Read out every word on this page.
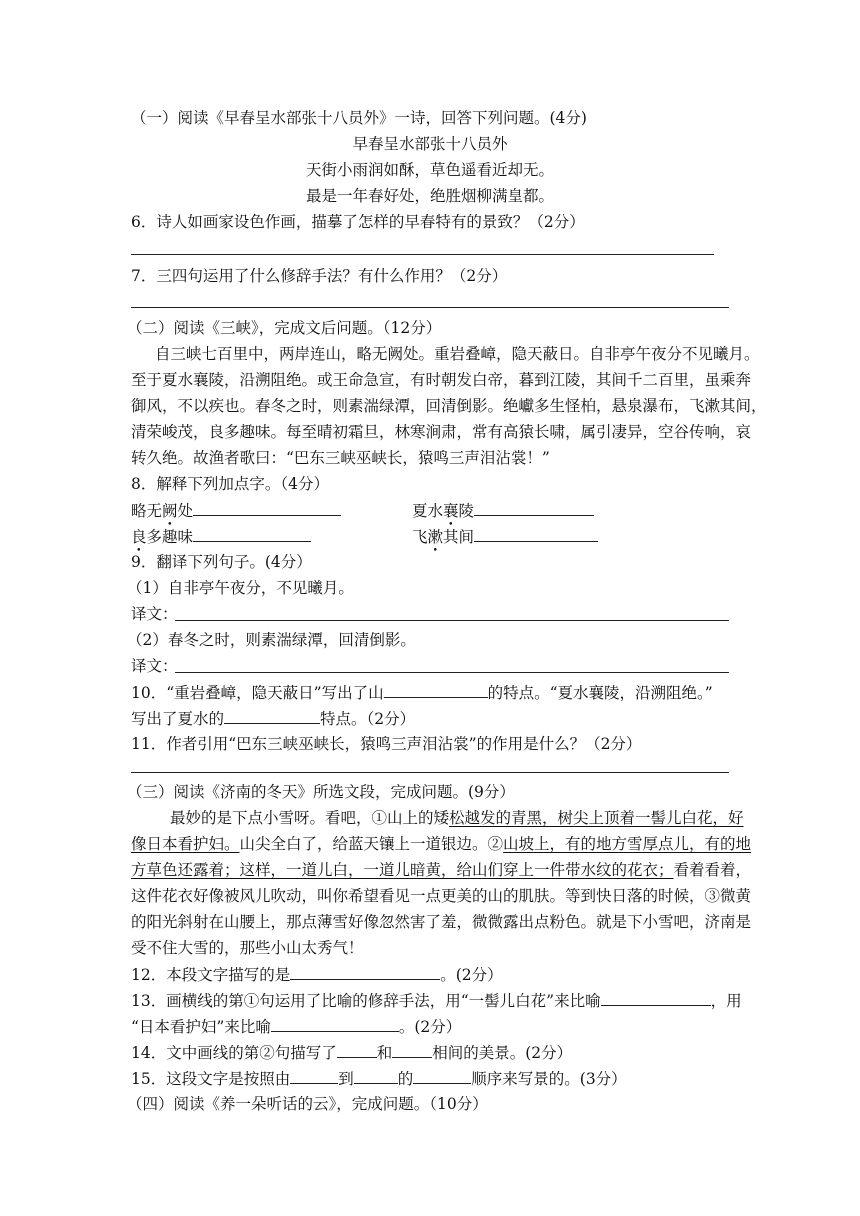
（一）阅读《早春呈水部张十八员外》一诗，回答下列问题。(4分)
早春呈水部张十八员外
天街小雨润如酥，草色遥看近却无。
最是一年春好处，绝胜烟柳满皇都。
6．诗人如画家设色作画，描摹了怎样的早春特有的景致？（2分）
7．三四句运用了什么修辞手法？有什么作用？（2分）
（二）阅读《三峡》，完成文后问题。（12分）
自三峡七百里中，两岸连山，略无阙处。重岩叠嶂，隐天蔽日。自非亭午夜分不见曦月。
至于夏水襄陵，沿溯阻绝。或王命急宣，有时朝发白帝，暮到江陵，其间千二百里，虽乘奔
御风，不以疾也。春冬之时，则素湍绿潭，回清倒影。绝巘多生怪柏，悬泉瀑布，飞漱其间，
清荣峻茂，良多趣味。每至晴初霜旦，林寒涧肃，常有高猿长啸，属引凄异，空谷传响，哀
转久绝。故渔者歌曰：“巴东三峡巫峡长，猿鸣三声泪沾裳！”
8．解释下列加点字。（4分）
略无阙处	夏水襄陵
良多趣味	飞漱其间
9．翻译下列句子。(4分）
（1）自非亭午夜分，不见曦月。
译文：
（2）春冬之时，则素湍绿潭，回清倒影。
译文：
10．“重岩叠嶂，隐天蔽日”写出了山	的特点。“夏水襄陵，沿溯阻绝。”
写出了夏水的	特点。（2分）
11．作者引用“巴东三峡巫峡长，猿鸣三声泪沾裳”的作用是什么？（2分）
（三）阅读《济南的冬天》所选文段，完成问题。(9分）
最妙的是下点小雪呀。看吧，①山上的矮松越发的青黑，树尖上顶着一髻儿白花，好
像日本看护妇。山尖全白了，给蓝天镶上一道银边。②山坡上，有的地方雪厚点儿，有的地
方草色还露着；这样，一道儿白，一道儿暗黄，给山们穿上一件带水纹的花衣；看着看着，
这件花衣好像被风儿吹动，叫你希望看见一点更美的山的肌肤。等到快日落的时候，③微黄
的阳光斜射在山腰上，那点薄雪好像忽然害了羞，微微露出点粉色。就是下小雪吧，济南是
受不住大雪的，那些小山太秀气！
12．本段文字描写的是	。(2分）
13．画横线的第①句运用了比喻的修辞手法，用“一髻儿白花”来比喻	，用
“日本看护妇”来比喻	。(2分）
14．文中画线的第②句描写了	和	相间的美景。(2分）
15．这段文字是按照由	到	的	顺序来写景的。(3分）
（四）阅读《养一朵听话的云》，完成问题。（10分）
